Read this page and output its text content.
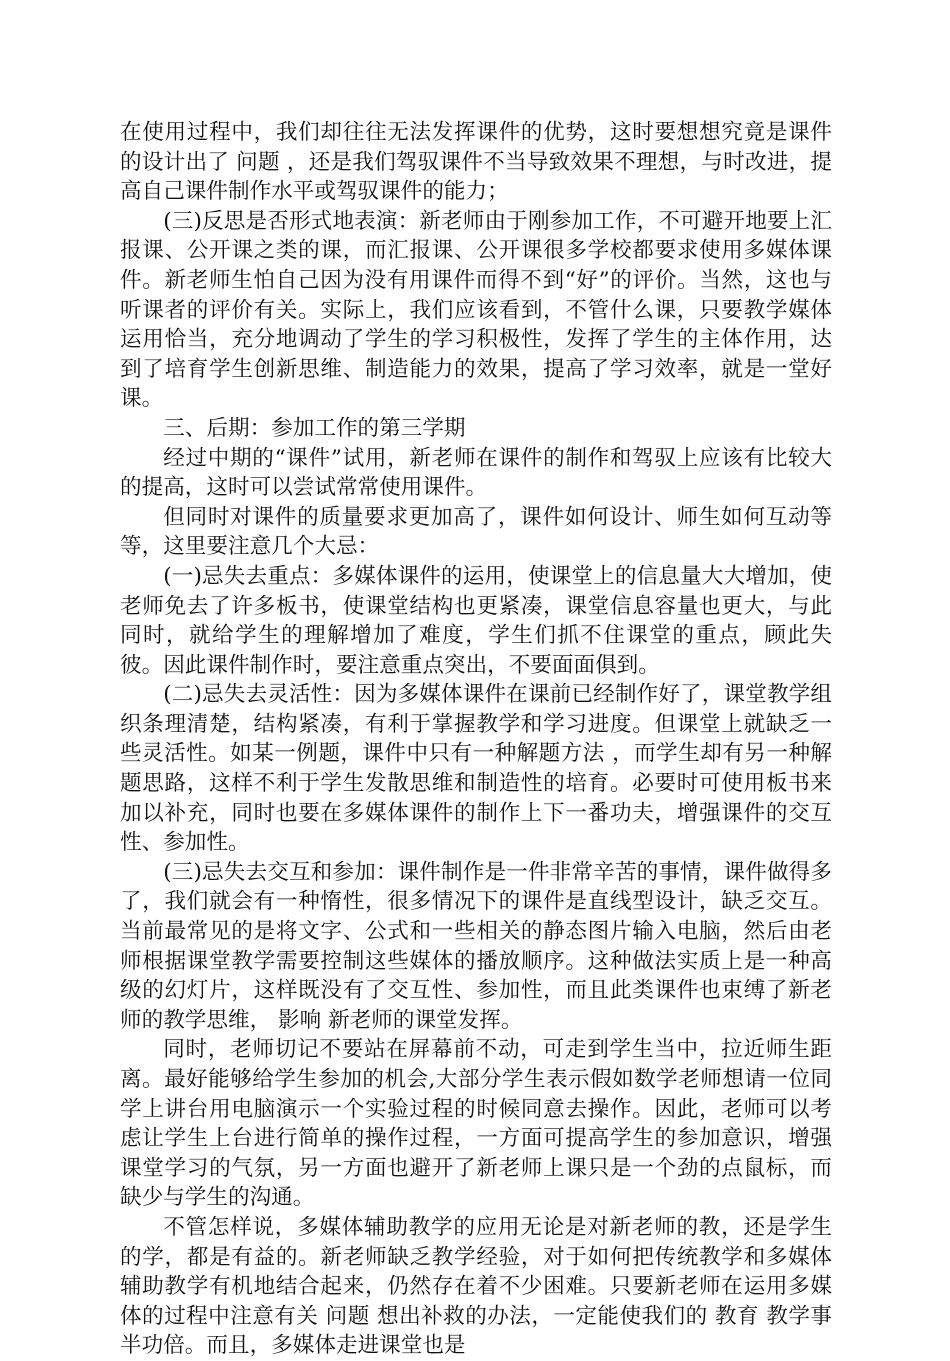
在使用过程中，我们却往往无法发挥课件的优势，这时要想想究竟是课件的设计出了 问题 ，还是我们驾驭课件不当导致效果不理想，与时改进，提高自己课件制作水平或驾驭课件的能力；

(三)反思是否形式地表演：新老师由于刚参加工作，不可避开地要上汇报课、公开课之类的课，而汇报课、公开课很多学校都要求使用多媒体课件。新老师生怕自己因为没有用课件而得不到“好”的评价。当然，这也与听课者的评价有关。实际上，我们应该看到，不管什么课，只要教学媒体运用恰当，充分地调动了学生的学习积极性，发挥了学生的主体作用，达到了培育学生创新思维、制造能力的效果，提高了学习效率，就是一堂好课。

三、后期：参加工作的第三学期

经过中期的“课件”试用，新老师在课件的制作和驾驭上应该有比较大的提高，这时可以尝试常常使用课件。

但同时对课件的质量要求更加高了，课件如何设计、师生如何互动等等，这里要注意几个大忌：

(一)忌失去重点：多媒体课件的运用，使课堂上的信息量大大增加，使老师免去了许多板书，使课堂结构也更紧凑，课堂信息容量也更大，与此同时，就给学生的理解增加了难度，学生们抓不住课堂的重点，顾此失彼。因此课件制作时，要注意重点突出，不要面面俱到。

(二)忌失去灵活性：因为多媒体课件在课前已经制作好了，课堂教学组织条理清楚，结构紧凑，有利于掌握教学和学习进度。但课堂上就缺乏一些灵活性。如某一例题，课件中只有一种解题方法 ，而学生却有另一种解题思路，这样不利于学生发散思维和制造性的培育。必要时可使用板书来加以补充，同时也要在多媒体课件的制作上下一番功夫，增强课件的交互性、参加性。

(三)忌失去交互和参加：课件制作是一件非常辛苦的事情，课件做得多了，我们就会有一种惰性，很多情况下的课件是直线型设计，缺乏交互。当前最常见的是将文字、公式和一些相关的静态图片输入电脑，然后由老师根据课堂教学需要控制这些媒体的播放顺序。这种做法实质上是一种高级的幻灯片，这样既没有了交互性、参加性，而且此类课件也束缚了新老师的教学思维， 影响 新老师的课堂发挥。

同时，老师切记不要站在屏幕前不动，可走到学生当中，拉近师生距离。最好能够给学生参加的机会,大部分学生表示假如数学老师想请一位同学上讲台用电脑演示一个实验过程的时候同意去操作。因此，老师可以考虑让学生上台进行简单的操作过程，一方面可提高学生的参加意识，增强课堂学习的气氛，另一方面也避开了新老师上课只是一个劲的点鼠标，而缺少与学生的沟通。

不管怎样说，多媒体辅助教学的应用无论是对新老师的教，还是学生的学，都是有益的。新老师缺乏教学经验，对于如何把传统教学和多媒体辅助教学有机地结合起来，仍然存在着不少困难。只要新老师在运用多媒体的过程中注意有关 问题 想出补救的办法，一定能使我们的 教育 教学事半功倍。而且，多媒体走进课堂也是
